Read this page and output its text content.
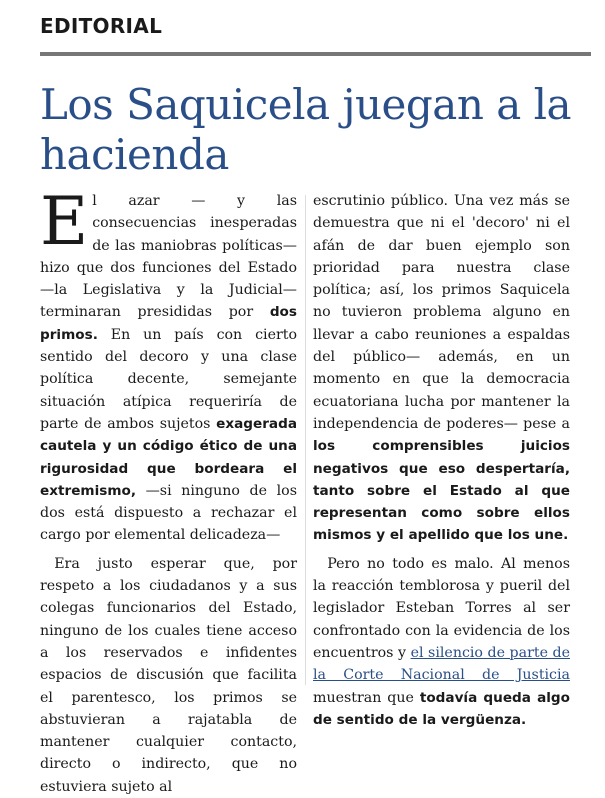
EDITORIAL
Los Saquicela juegan a la hacienda

El azar — y las consecuencias inesperadas de las maniobras políticas— hizo que dos funciones del Estado —la Legislativa y la Judicial— terminaran presididas por dos primos. En un país con cierto sentido del decoro y una clase política decente, semejante situación atípica requeriría de parte de ambos sujetos exagerada cautela y un código ético de una rigurosidad que bordeara el extremismo, —si ninguno de los dos está dispuesto a rechazar el cargo por elemental delicadeza—

Era justo esperar que, por respeto a los ciudadanos y a sus colegas funcionarios del Estado, ninguno de los cuales tiene acceso a los reservados e infidentes espacios de discusión que facilita el parentesco, los primos se abstuvieran a rajatabla de mantener cualquier contacto, directo o indirecto, que no estuviera sujeto al

escrutinio público. Una vez más se demuestra que ni el 'decoro' ni el afán de dar buen ejemplo son prioridad para nuestra clase política; así, los primos Saquicela no tuvieron problema alguno en llevar a cabo reuniones a espaldas del público— además, en un momento en que la democracia ecuatoriana lucha por mantener la independencia de poderes— pese a los comprensibles juicios negativos que eso despertaría, tanto sobre el Estado al que representan como sobre ellos mismos y el apellido que los une.

Pero no todo es malo. Al menos la reacción temblorosa y pueril del legislador Esteban Torres al ser confrontado con la evidencia de los encuentros y el silencio de parte de la Corte Nacional de Justicia muestran que todavía queda algo de sentido de la vergüenza.
